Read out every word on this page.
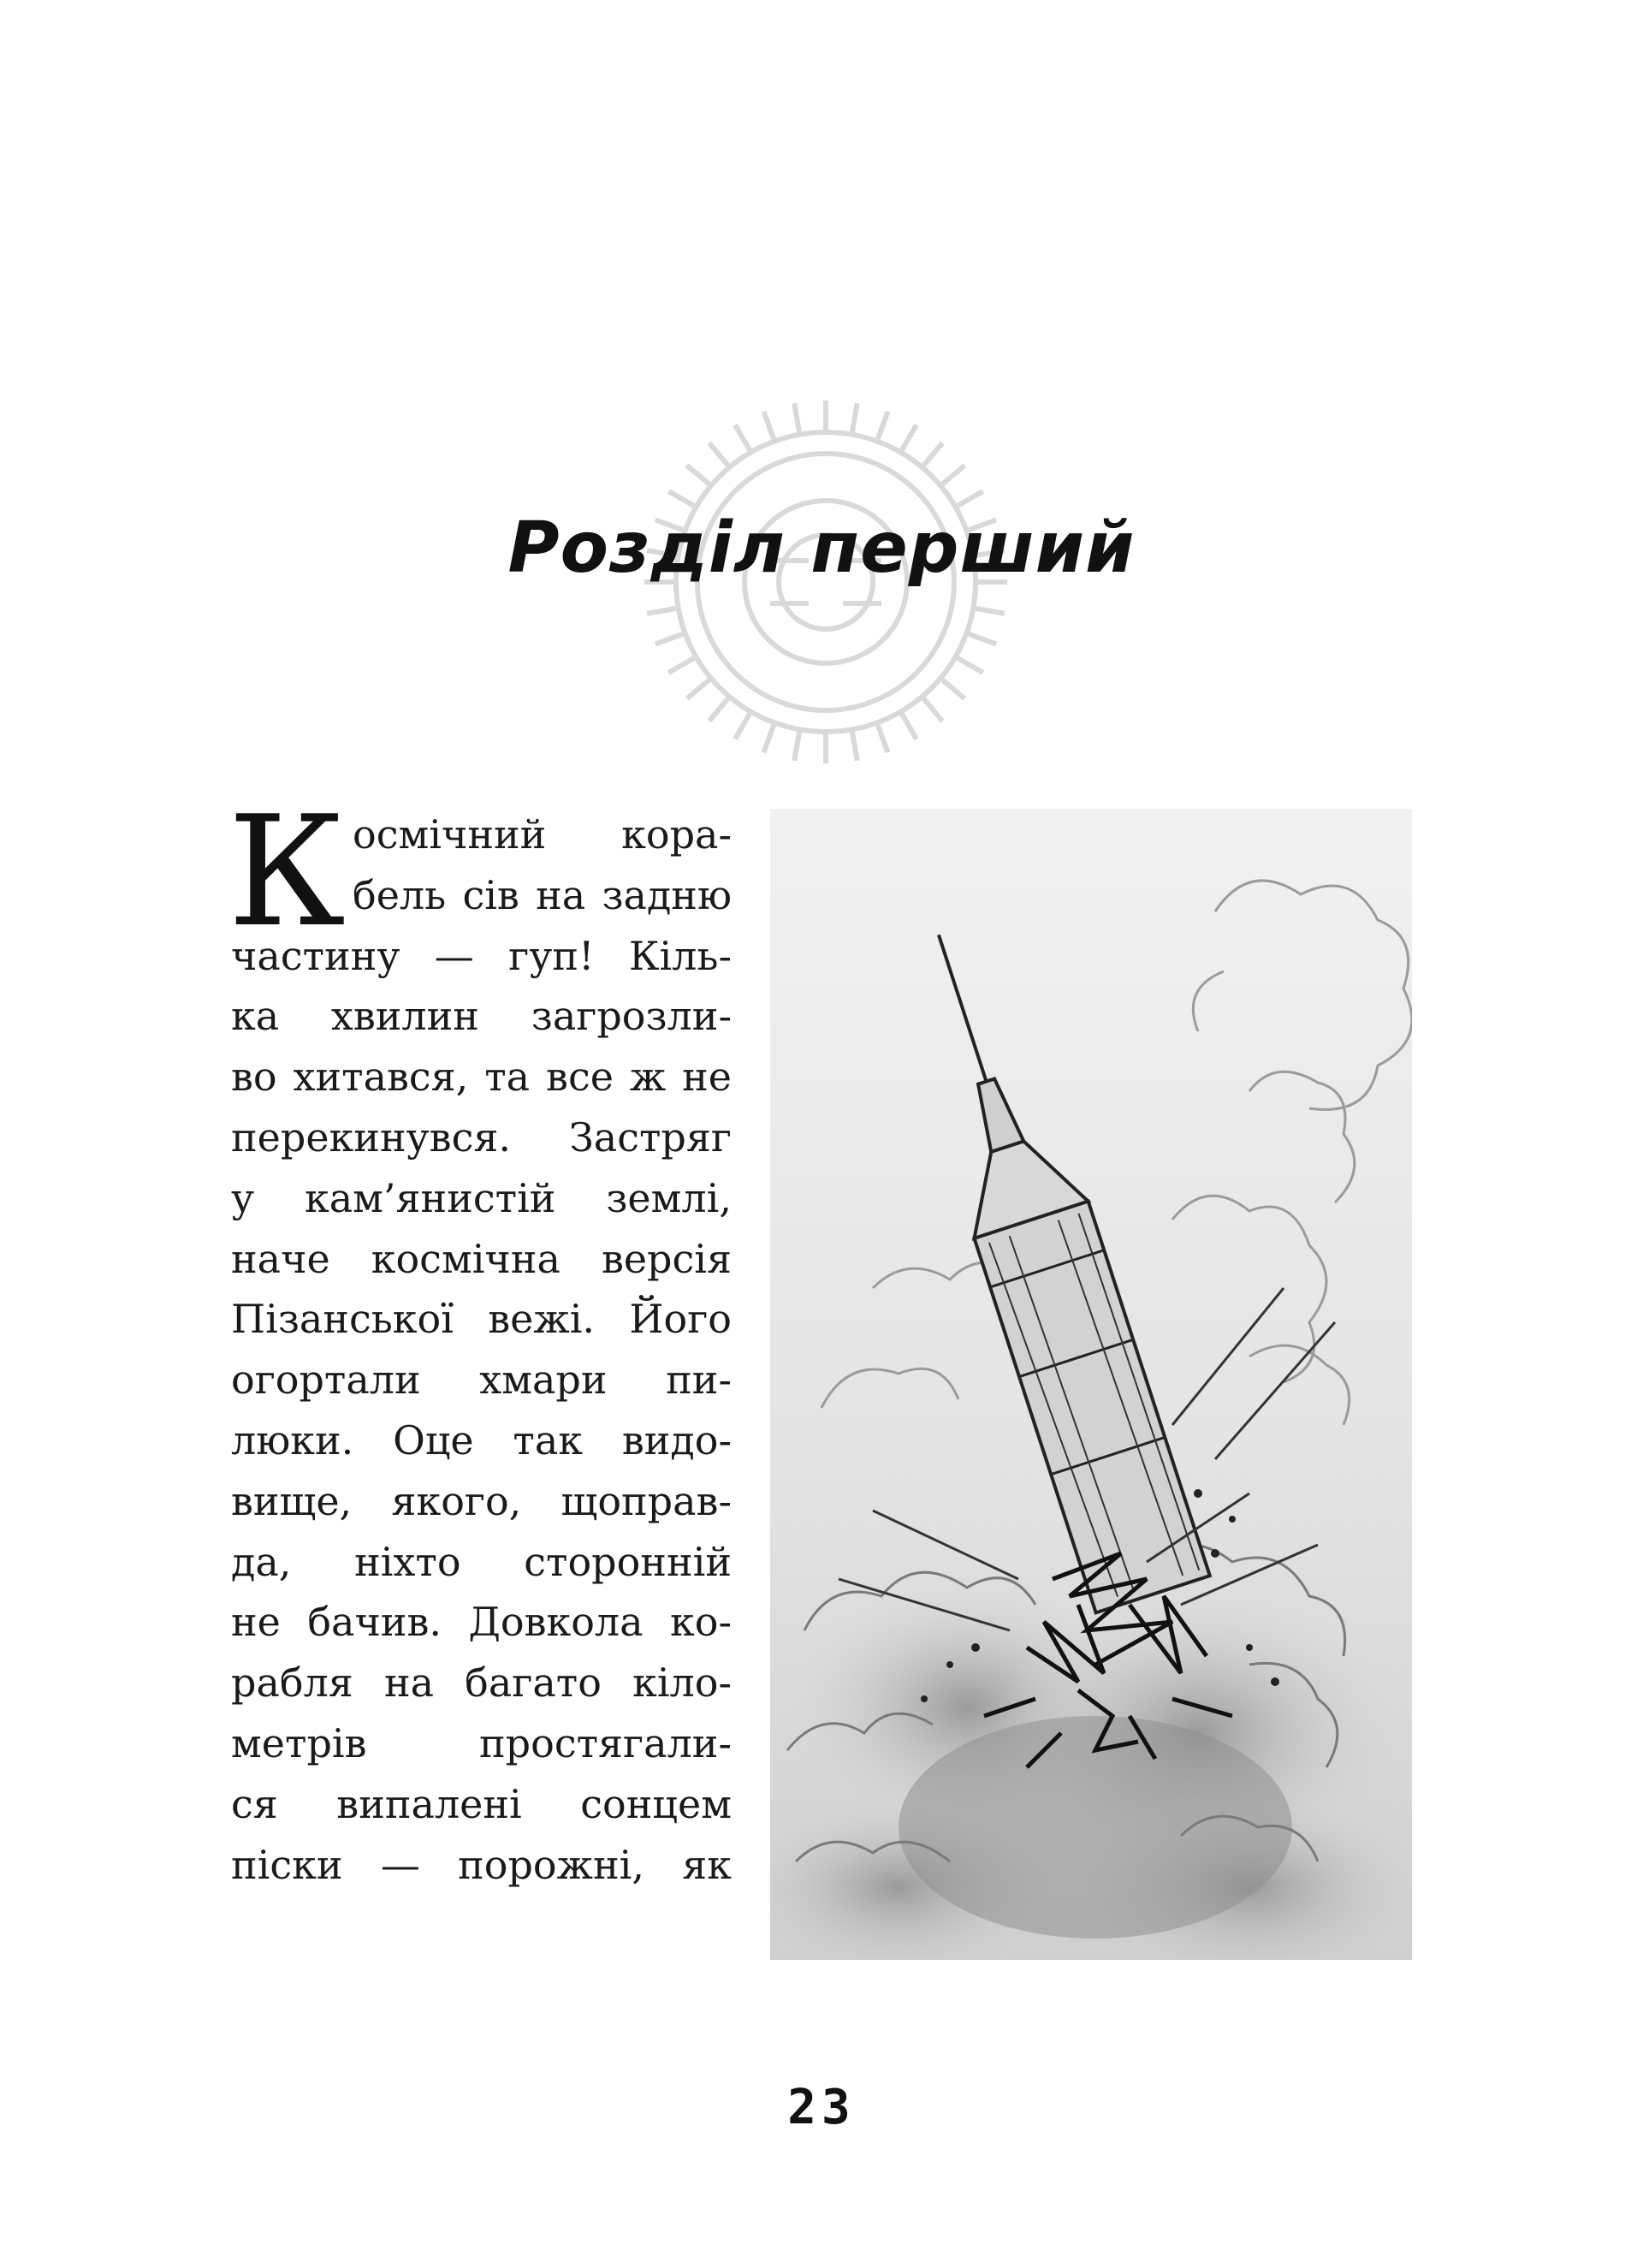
Розділ перший
К осмічний кора-
бель сів на задню
частину — гуп! Кіль-
ка хвилин загрозли-
во хитався, та все ж не
перекинувся. Застряг
у кам’янистій землі,
наче космічна версія
Пізанської вежі. Його
огортали хмари пи-
люки. Оце так видо-
вище, якого, щоправ-
да, ніхто сторонній
не бачив. Довкола ко-
рабля на багато кіло-
метрів простягали-
ся випалені сонцем
піски — порожні, як
23
